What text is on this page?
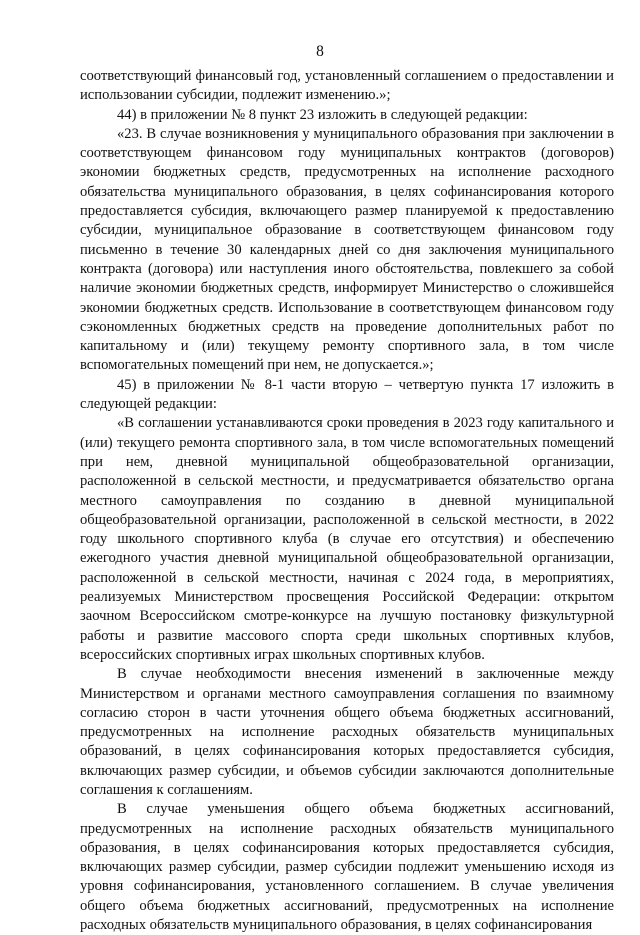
8

соответствующий финансовый год, установленный соглашением о предоставлении и использовании субсидии, подлежит изменению.»;

44) в приложении № 8 пункт 23 изложить в следующей редакции:

«23. В случае возникновения у муниципального образования при заключении в соответствующем финансовом году муниципальных контрактов (договоров) экономии бюджетных средств, предусмотренных на исполнение расходного обязательства муниципального образования, в целях софинансирования которого предоставляется субсидия, включающего размер планируемой к предоставлению субсидии, муниципальное образование в соответствующем финансовом году письменно в течение 30 календарных дней со дня заключения муниципального контракта (договора) или наступления иного обстоятельства, повлекшего за собой наличие экономии бюджетных средств, информирует Министерство о сложившейся экономии бюджетных средств. Использование в соответствующем финансовом году сэкономленных бюджетных средств на проведение дополнительных работ по капитальному и (или) текущему ремонту спортивного зала, в том числе вспомогательных помещений при нем, не допускается.»;

45) в приложении № 8-1 части вторую – четвертую пункта 17 изложить в следующей редакции:

«В соглашении устанавливаются сроки проведения в 2023 году капитального и (или) текущего ремонта спортивного зала, в том числе вспомогательных помещений при нем, дневной муниципальной общеобразовательной организации, расположенной в сельской местности, и предусматривается обязательство органа местного самоуправления по созданию в дневной муниципальной общеобразовательной организации, расположенной в сельской местности, в 2022 году школьного спортивного клуба (в случае его отсутствия) и обеспечению ежегодного участия дневной муниципальной общеобразовательной организации, расположенной в сельской местности, начиная с 2024 года, в мероприятиях, реализуемых Министерством просвещения Российской Федерации: открытом заочном Всероссийском смотре-конкурсе на лучшую постановку физкультурной работы и развитие массового спорта среди школьных спортивных клубов, всероссийских спортивных играх школьных спортивных клубов.

В случае необходимости внесения изменений в заключенные между Министерством и органами местного самоуправления соглашения по взаимному согласию сторон в части уточнения общего объема бюджетных ассигнований, предусмотренных на исполнение расходных обязательств муниципальных образований, в целях софинансирования которых предоставляется субсидия, включающих размер субсидии, и объемов субсидии заключаются дополнительные соглашения к соглашениям.

В случае уменьшения общего объема бюджетных ассигнований, предусмотренных на исполнение расходных обязательств муниципального образования, в целях софинансирования которых предоставляется субсидия, включающих размер субсидии, размер субсидии подлежит уменьшению исходя из уровня софинансирования, установленного соглашением. В случае увеличения общего объема бюджетных ассигнований, предусмотренных на исполнение расходных обязательств муниципального образования, в целях софинансирования
